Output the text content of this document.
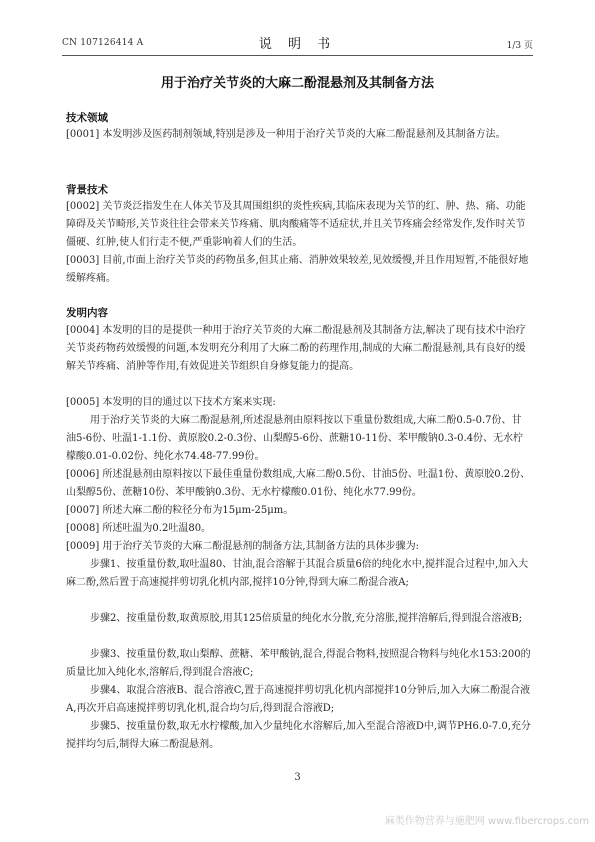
CN 107126414 A	说 明 书	1/3 页
用于治疗关节炎的大麻二酚混悬剂及其制备方法
技术领域
[0001] 本发明涉及医药制剂领域,特别是涉及一种用于治疗关节炎的大麻二酚混悬剂及其制备方法。
背景技术
[0002] 关节炎泛指发生在人体关节及其周围组织的炎性疾病,其临床表现为关节的红、肿、热、痛、功能障碍及关节畸形,关节炎往往会带来关节疼痛、肌肉酸痛等不适症状,并且关节疼痛会经常发作,发作时关节僵硬、红肿,使人们行走不便,严重影响着人们的生活。
[0003] 目前,市面上治疗关节炎的药物虽多,但其止痛、消肿效果较差,见效缓慢,并且作用短暂,不能很好地缓解疼痛。
发明内容
[0004] 本发明的目的是提供一种用于治疗关节炎的大麻二酚混悬剂及其制备方法,解决了现有技术中治疗关节炎药物药效缓慢的问题,本发明充分利用了大麻二酚的药理作用,制成的大麻二酚混悬剂,具有良好的缓解关节疼痛、消肿等作用,有效促进关节组织自身修复能力的提高。
[0005] 本发明的目的通过以下技术方案来实现:
用于治疗关节炎的大麻二酚混悬剂,所述混悬剂由原料按以下重量份数组成,大麻二酚0.5-0.7份、甘油5-6份、吐温1-1.1份、黄原胶0.2-0.3份、山梨醇5-6份、蔗糖10-11份、苯甲酸钠0.3-0.4份、无水柠檬酸0.01-0.02份、纯化水74.48-77.99份。
[0006] 所述混悬剂由原料按以下最佳重量份数组成,大麻二酚0.5份、甘油5份、吐温1份、黄原胶0.2份、山梨醇5份、蔗糖10份、苯甲酸钠0.3份、无水柠檬酸0.01份、纯化水77.99份。
[0007] 所述大麻二酚的粒径分布为15μm-25μm。
[0008] 所述吐温为0.2吐温80。
[0009] 用于治疗关节炎的大麻二酚混悬剂的制备方法,其制备方法的具体步骤为:
步骤1、按重量份数,取吐温80、甘油,混合溶解于其混合质量6倍的纯化水中,搅拌混合过程中,加入大麻二酚,然后置于高速搅拌剪切乳化机内部,搅拌10分钟,得到大麻二酚混合液A;
步骤2、按重量份数,取黄原胶,用其125倍质量的纯化水分散,充分溶胀,搅拌溶解后,得到混合溶液B;
步骤3、按重量份数,取山梨醇、蔗糖、苯甲酸钠,混合,得混合物料,按照混合物料与纯化水153:200的质量比加入纯化水,溶解后,得到混合溶液C;
步骤4、取混合溶液B、混合溶液C,置于高速搅拌剪切乳化机内部搅拌10分钟后,加入大麻二酚混合液A,再次开启高速搅拌剪切乳化机,混合均匀后,得到混合溶液D;
步骤5、按重量份数,取无水柠檬酸,加入少量纯化水溶解后,加入至混合溶液D中,调节PH6.0-7.0,充分搅拌均匀后,制得大麻二酚混悬剂。
3
麻类作物营养与施肥网 www.fibercrops.com
